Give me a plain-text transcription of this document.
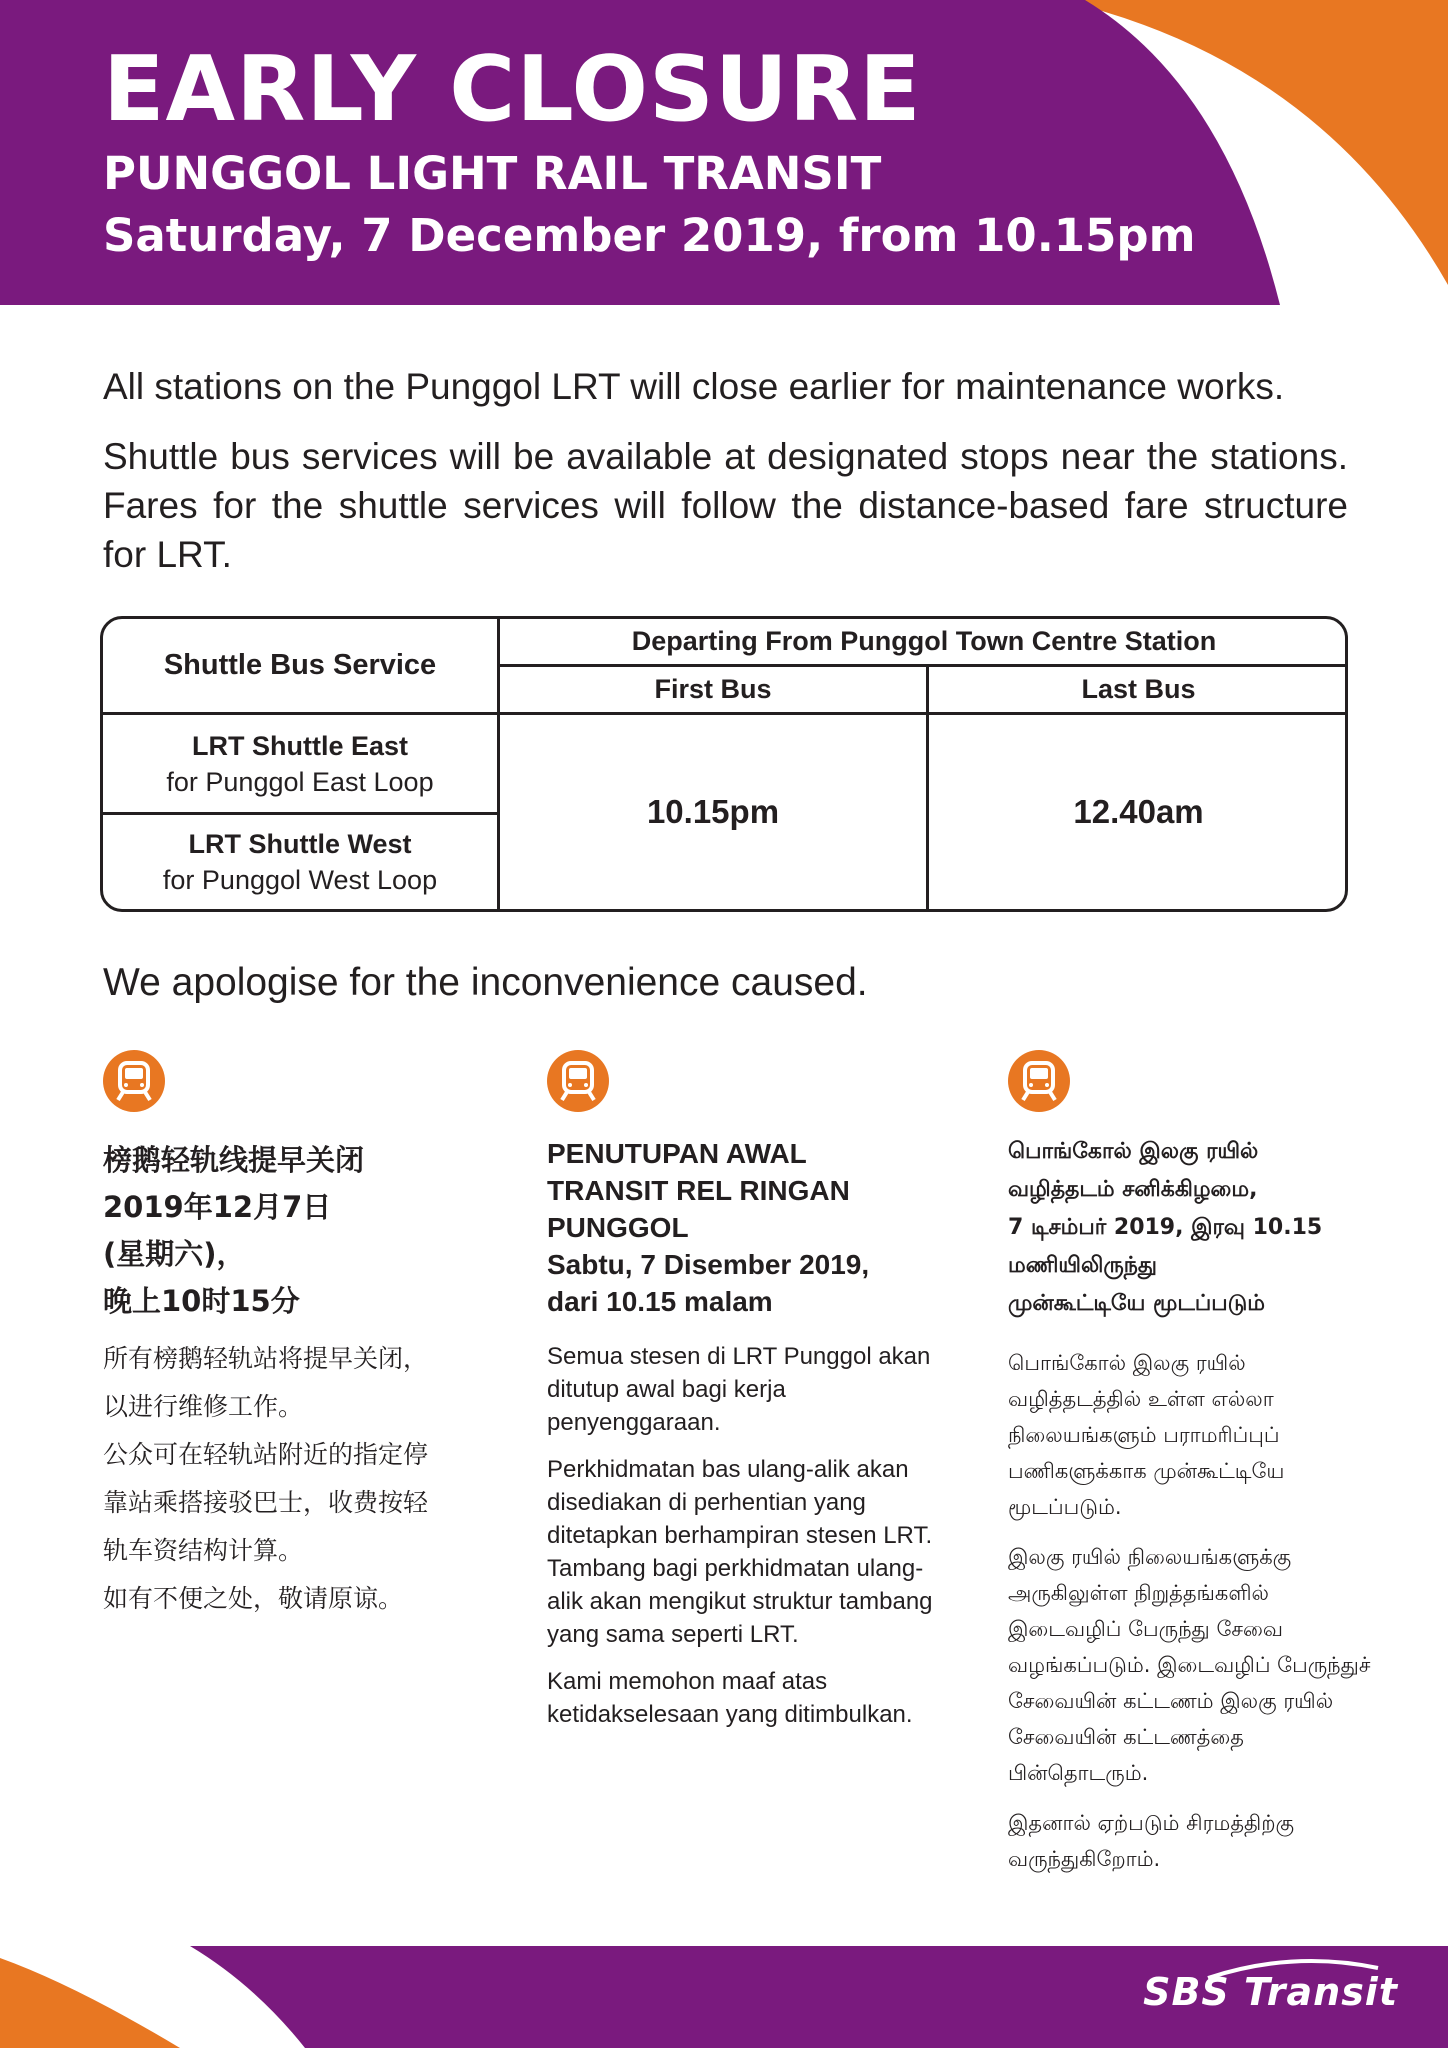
EARLY CLOSURE
PUNGGOL LIGHT RAIL TRANSIT
Saturday, 7 December 2019, from 10.15pm

All stations on the Punggol LRT will close earlier for maintenance works.

Shuttle bus services will be available at designated stops near the stations. Fares for the shuttle services will follow the distance-based fare structure for LRT.

Shuttle Bus Service
Departing From Punggol Town Centre Station
First Bus	Last Bus
LRT Shuttle East
for Punggol East Loop
LRT Shuttle West
for Punggol West Loop
10.15pm	12.40am
We apologise for the inconvenience caused.
榜鹅轻轨线提早关闭
2019年12月7日
(星期六)，
晚上10时15分
所有榜鹅轻轨站将提早关闭，
以进行维修工作。
公众可在轻轨站附近的指定停
靠站乘搭接驳巴士，收费按轻
轨车资结构计算。
如有不便之处，敬请原谅。
PENUTUPAN AWAL
TRANSIT REL RINGAN
PUNGGOL
Sabtu, 7 Disember 2019,
dari 10.15 malam

Semua stesen di LRT Punggol akan ditutup awal bagi kerja penyenggaraan.

Perkhidmatan bas ulang-alik akan disediakan di perhentian yang ditetapkan berhampiran stesen LRT. Tambang bagi perkhidmatan ulang-alik akan mengikut struktur tambang yang sama seperti LRT.

Kami memohon maaf atas ketidakselesaan yang ditimbulkan.

பொங்கோல் இலகு ரயில்
வழித்தடம் சனிக்கிழமை,
7 டிசம்பர் 2019, இரவு 10.15
மணியிலிருந்து
முன்கூட்டியே மூடப்படும்

பொங்கோல் இலகு ரயில் வழித்தடத்தில் உள்ள எல்லா நிலையங்களும் பராமரிப்புப் பணிகளுக்காக முன்கூட்டியே மூடப்படும்.

இலகு ரயில் நிலையங்களுக்கு அருகிலுள்ள நிறுத்தங்களில் இடைவழிப் பேருந்து சேவை வழங்கப்படும். இடைவழிப் பேருந்துச் சேவையின் கட்டணம் இலகு ரயில் சேவையின் கட்டணத்தை பின்தொடரும்.

இதனால் ஏற்படும் சிரமத்திற்கு வருந்துகிறோம்.

SBS Transit
